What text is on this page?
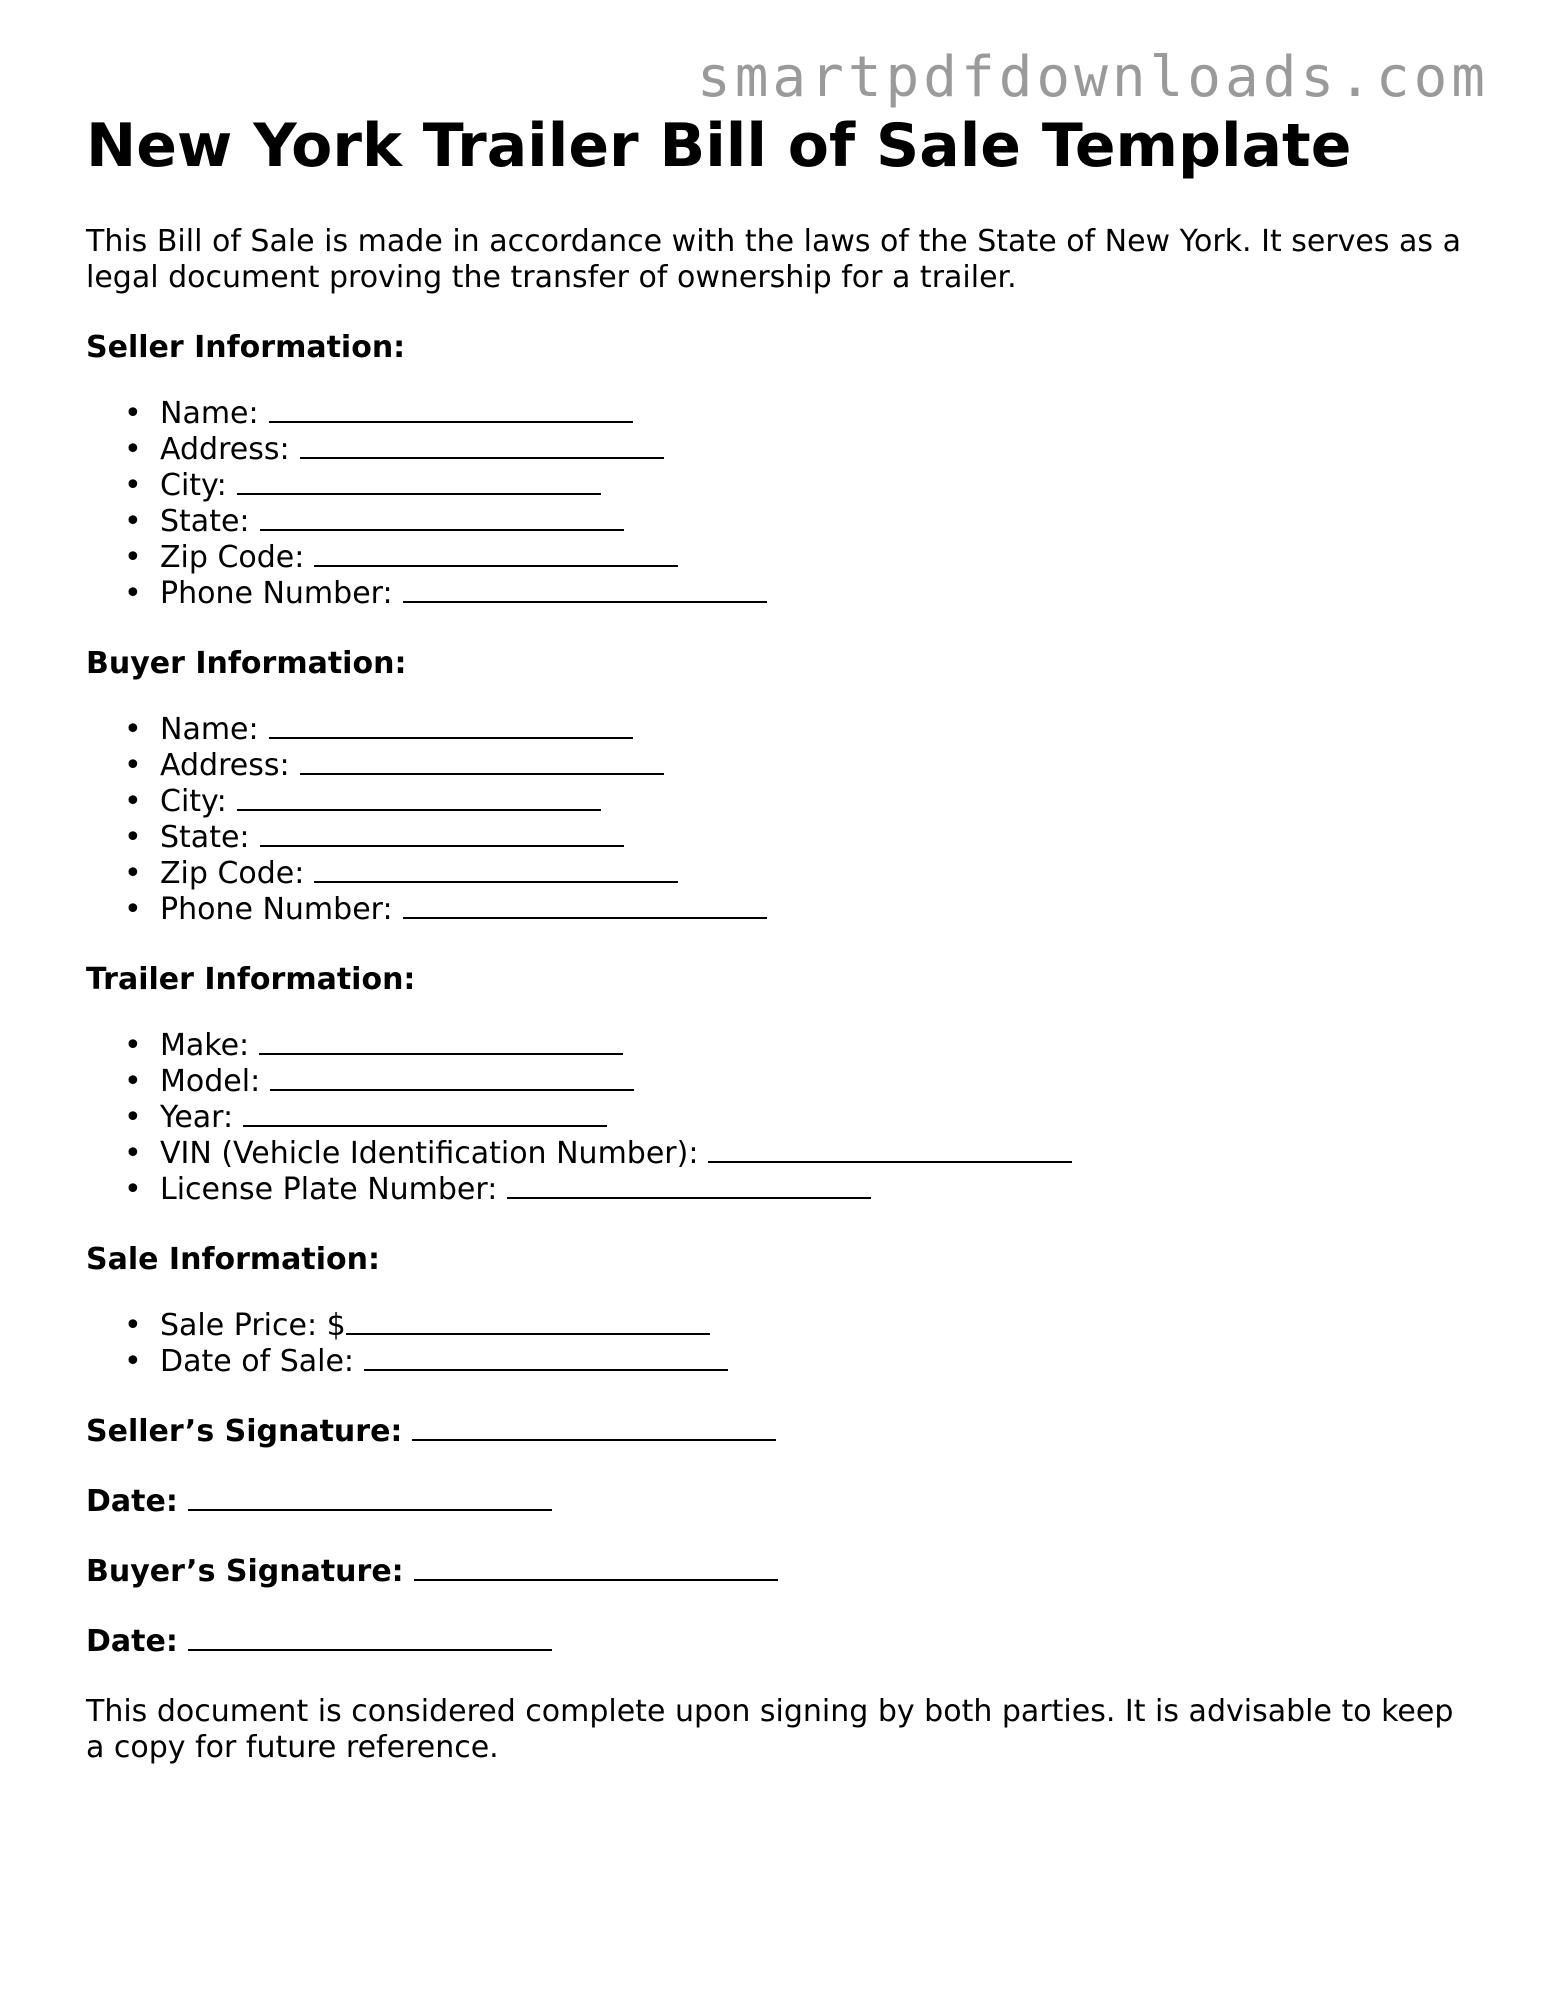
smartpdfdownloads.com
New York Trailer Bill of Sale Template

This Bill of Sale is made in accordance with the laws of the State of New York. It serves as a legal document proving the transfer of ownership for a trailer.

Seller Information:

• Name:
• Address:
• City:
• State:
• Zip Code:
• Phone Number:

Buyer Information:

• Name:
• Address:
• City:
• State:
• Zip Code:
• Phone Number:

Trailer Information:

• Make:
• Model:
• Year:
• VIN (Vehicle Identification Number):
• License Plate Number:

Sale Information:

• Sale Price: $
• Date of Sale:

Seller’s Signature:

Date:

Buyer’s Signature:

Date:

This document is considered complete upon signing by both parties. It is advisable to keep a copy for future reference.
